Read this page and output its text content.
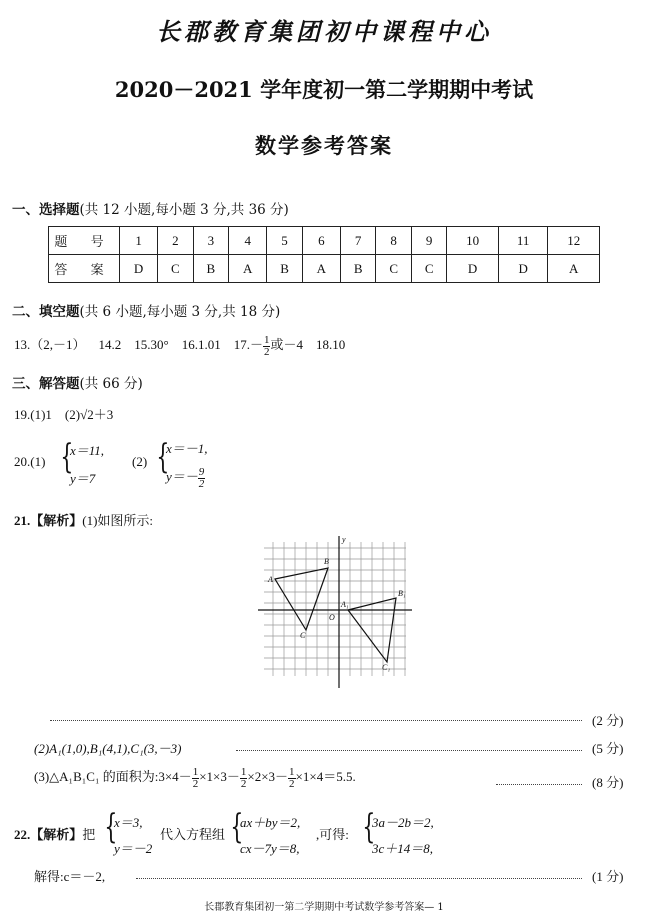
长郡教育集团初中课程中心
2020－2021 学年度初一第二学期期中考试
数学参考答案
一、选择题(共 12 小题,每小题 3 分,共 36 分)
题 号	1	2	3	4	5	6	7	8	9	10	11	12
答 案	D	C	B	A	B	A	B	C	C	D	D	A
二、填空题(共 6 小题,每小题 3 分,共 18 分)
13.（2,－1） 14.2 15.30° 16.1.01 $17.- \frac{1}{2}$ 或－4 18.10
三、解答题(共 66 分)
19.(1)1　(2)√2＋3
20.(1) {
x＝11,
y＝7
(2) {
x＝－1,
$y=- \frac{9}{2}$
21.【解析】(1)如图所示:
A
B
C
A₁
B₁
C₁
O
y
(2 分)
(2)A₁(1,0),B₁(4,1),C₁(3,－3)	(5 分)
(3)△A₁B₁C₁ 的面积为:3×4－ $\frac{1}{2} \times 1\times 3- \frac{1}{2} \times 2\times 3- \frac{1}{2} \times 1\times 4=5.5$.	(8 分)
22.【解析】把 {
x＝3,
y＝－2
代入方程组 {
ax＋by＝2,
cx－7y＝8,
,可得: {
3a－2b＝2,
3c＋14＝8,
解得:c＝－2,	(1 分)
长郡教育集团初一第二学期期中考试数学参考答案— 1
